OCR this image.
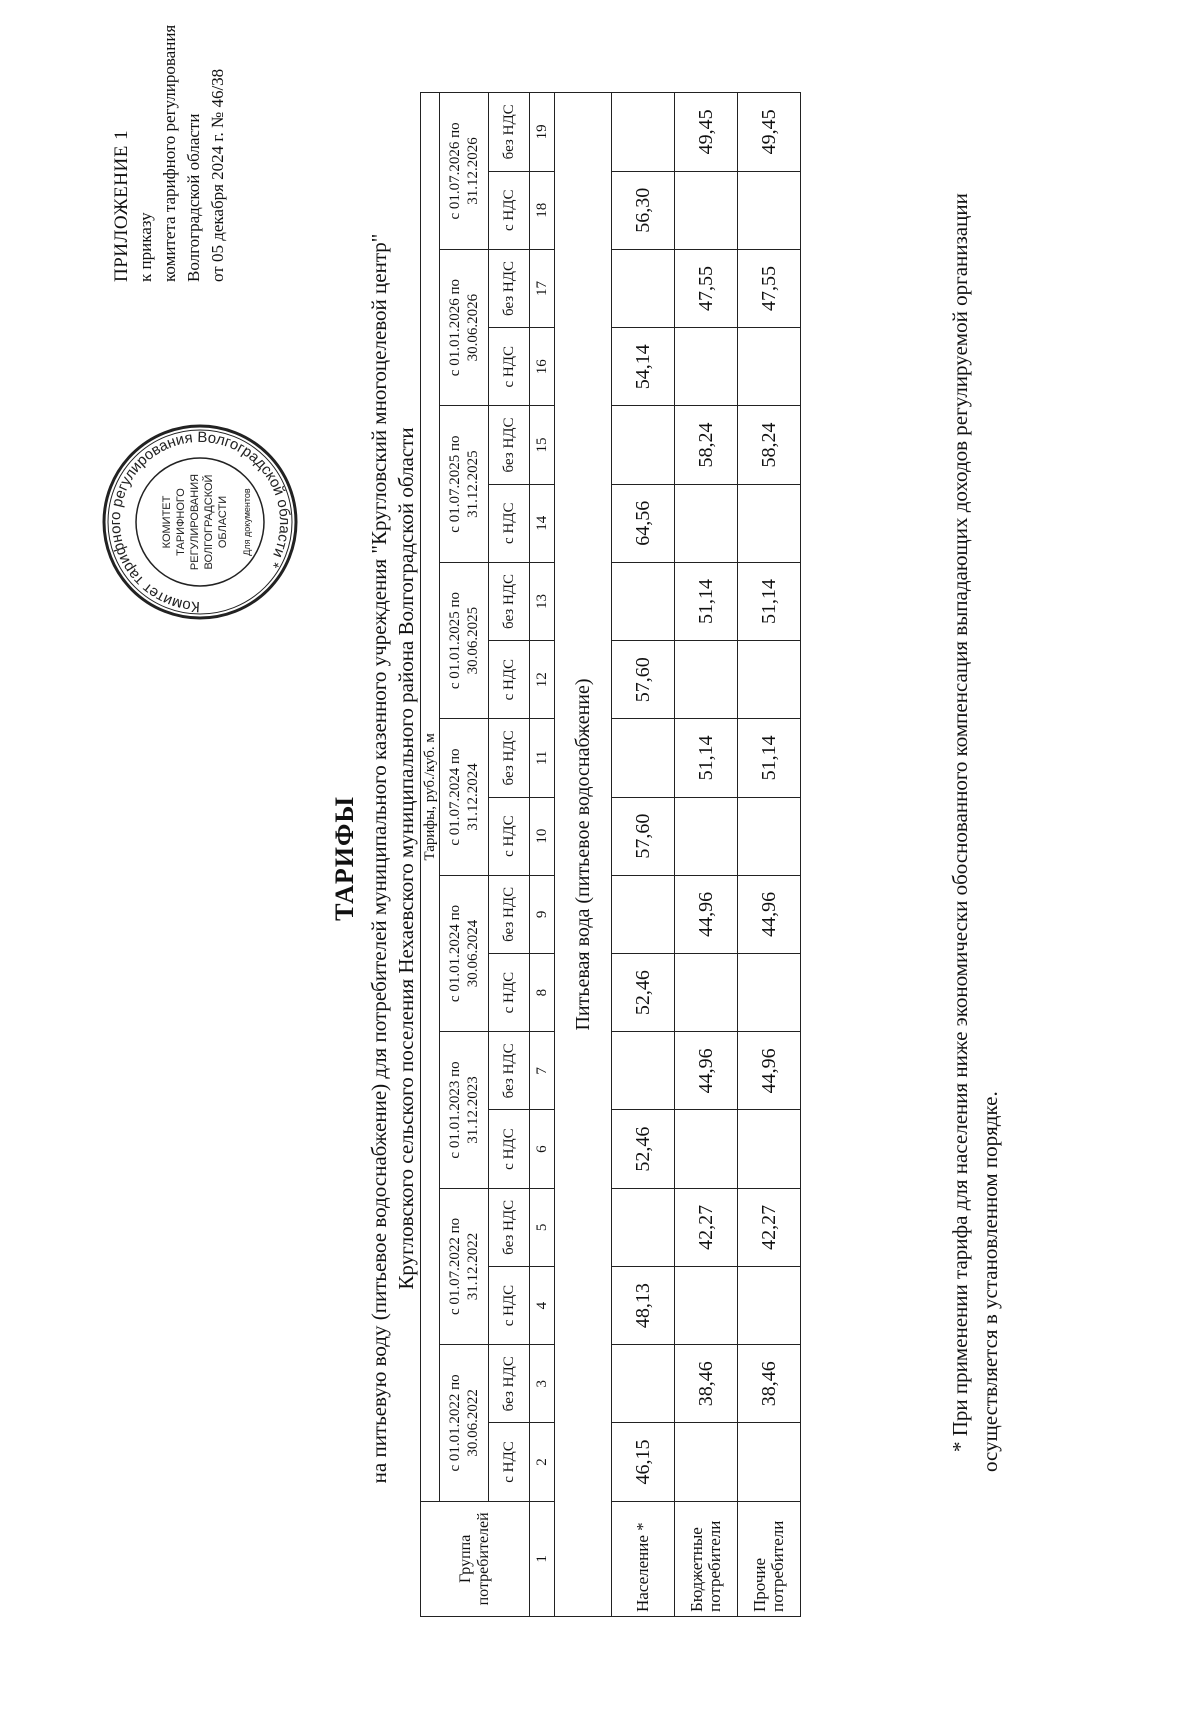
Комитет тарифного регулирования Волгоградской области *
КОМИТЕТ ТАРИФНОГО РЕГУЛИРОВАНИЯ ВОЛГОГРАДСКОЙ ОБЛАСТИ Для документов
ПРИЛОЖЕНИЕ 1 к приказу комитета тарифного регулирования Волгоградской области от 05 декабря 2024 г. № 46/38
ТАРИФЫ на питьевую воду (питьевое водоснабжение) для потребителей муниципального казенного учреждения "Кругловский многоцелевой центр" Кругловского сельского поселения Нехаевского муниципального района Волгоградской области
Группа потребителей	Тарифы, руб./куб. м																	
	с 01.01.2022 по 30.06.2022		с 01.07.2022 по 31.12.2022		с 01.01.2023 по 31.12.2023		с 01.01.2024 по 30.06.2024		с 01.07.2024 по 31.12.2024		с 01.01.2025 по 30.06.2025		с 01.07.2025 по 31.12.2025		с 01.01.2026 по 30.06.2026		с 01.07.2026 по 31.12.2026	
	с НДС	без НДС	с НДС	без НДС	с НДС	без НДС	с НДС	без НДС	с НДС	без НДС	с НДС	без НДС	с НДС	без НДС	с НДС	без НДС	с НДС	без НДС
1	2	3	4	5	6	7	8	9	10	11	12	13	14	15	16	17	18	19
Питьевая вода (питьевое водоснабжение)																		
Население *	46,15		48,13		52,46		52,46		57,60		57,60		64,56		54,14		56,30	
Бюджетные потребители		38,46		42,27		44,96		44,96		51,14		51,14		58,24		47,55		49,45
Прочие потребители		38,46		42,27		44,96		44,96		51,14		51,14		58,24		47,55		49,45
* При применении тарифа для населения ниже экономически обоснованного компенсация выпадающих доходов регулируемой организации осуществляется в установленном порядке.
